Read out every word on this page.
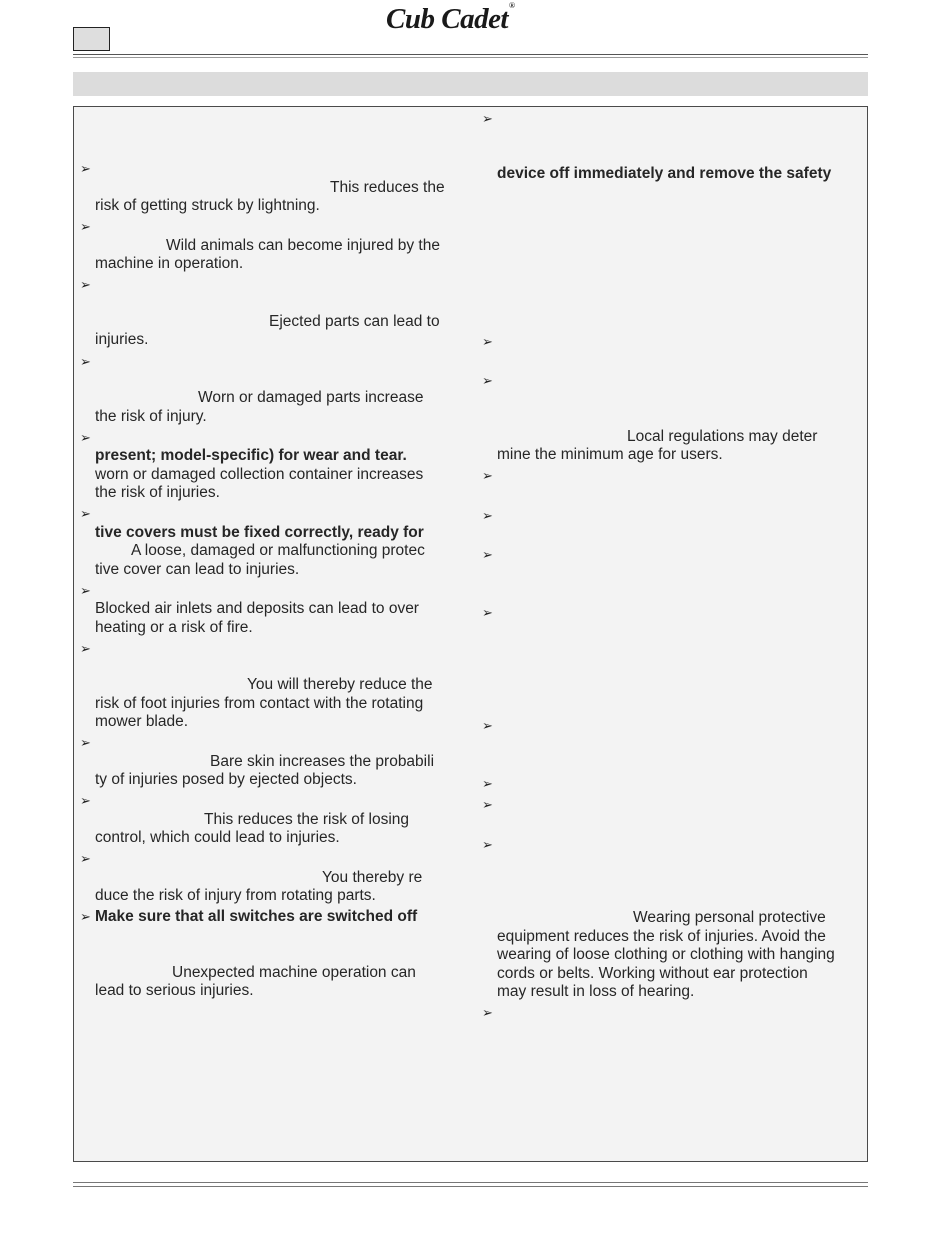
Cub Cadet®
➢
➢
➢
➢
➢
➢
➢
➢
➢
➢
➢
➢
This reduces the
risk of getting struck by lightning.
Wild animals can become injured by the
machine in operation.
Ejected parts can lead to
injuries.
Worn or damaged parts increase
the risk of injury.
present; model-specific) for wear and tear.
worn or damaged collection container increases
the risk of injuries.
tive covers must be fixed correctly, ready for
A loose, damaged or malfunctioning protec
tive cover can lead to injuries.
Blocked air inlets and deposits can lead to over
heating or a risk of fire.
You will thereby reduce the
risk of foot injuries from contact with the rotating
mower blade.
Bare skin increases the probabili
ty of injuries posed by ejected objects.
This reduces the risk of losing
control, which could lead to injuries.
You thereby re
duce the risk of injury from rotating parts.
Make sure that all switches are switched off
Unexpected machine operation can
lead to serious injuries.
➢
➢
➢
➢
➢
➢
➢
➢
➢
➢
➢
➢
device off immediately and remove the safety
Local regulations may deter
mine the minimum age for users.
Wearing personal protective
equipment reduces the risk of injuries. Avoid the
wearing of loose clothing or clothing with hanging
cords or belts. Working without ear protection
may result in loss of hearing.
